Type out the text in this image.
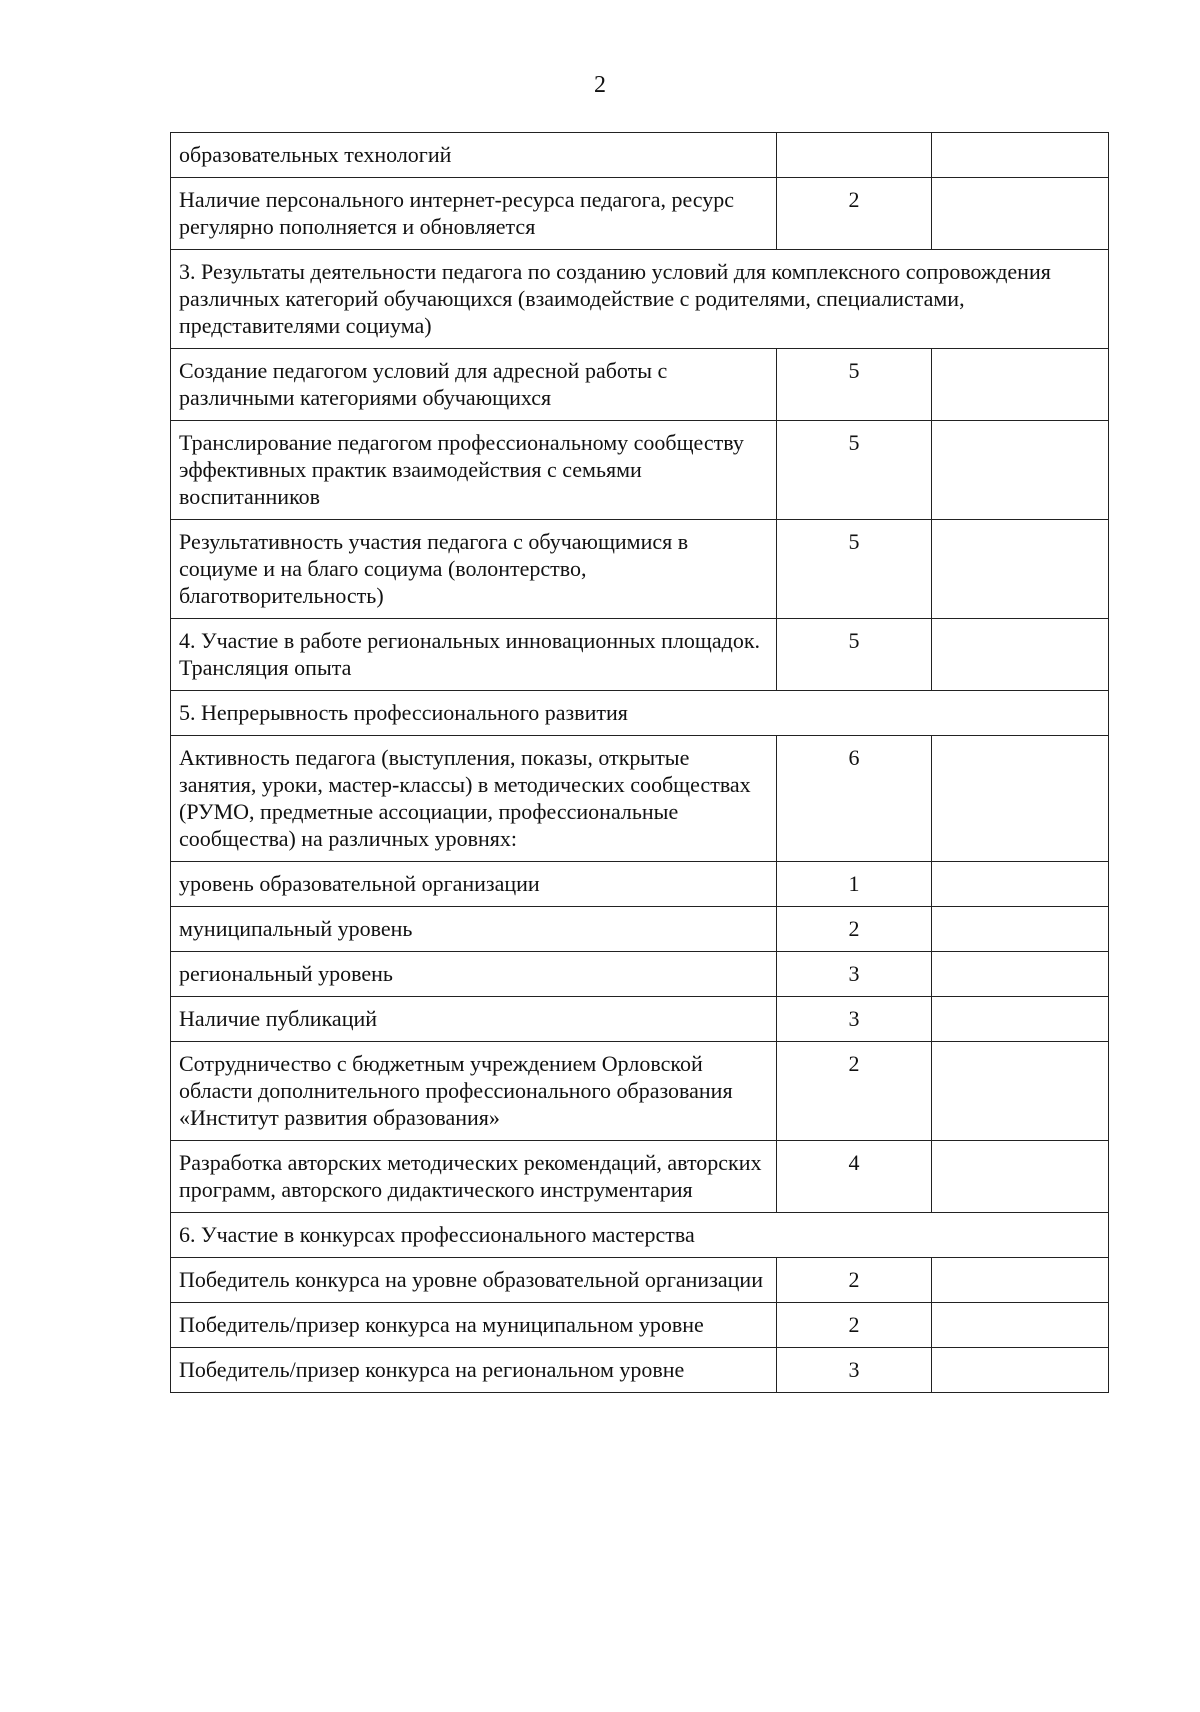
2
образовательных технологий		
Наличие персонального интернет-ресурса педагога, ресурс регулярно пополняется и обновляется	2	
3. Результаты деятельности педагога по созданию условий для комплексного сопровождения различных категорий обучающихся (взаимодействие с родителями, специалистами, представителями социума)		
Создание педагогом условий для адресной работы с различными категориями обучающихся	5	
Транслирование педагогом профессиональному сообществу эффективных практик взаимодействия с семьями воспитанников	5	
Результативность участия педагога с обучающимися в социуме и на благо социума (волонтерство, благотворительность)	5	
4. Участие в работе региональных инновационных площадок. Трансляция опыта	5	
5. Непрерывность профессионального развития		
Активность педагога (выступления, показы, открытые занятия, уроки, мастер-классы) в методических сообществах (РУМО, предметные ассоциации, профессиональные сообщества) на различных уровнях:	6	
уровень образовательной организации	1	
муниципальный уровень	2	
региональный уровень	3	
Наличие публикаций	3	
Сотрудничество с бюджетным учреждением Орловской области дополнительного профессионального образования «Институт развития образования»	2	
Разработка авторских методических рекомендаций, авторских программ, авторского дидактического инструментария	4	
6. Участие в конкурсах профессионального мастерства		
Победитель конкурса на уровне образовательной организации	2	
Победитель/призер конкурса на муниципальном уровне	2	
Победитель/призер конкурса на региональном уровне	3	
